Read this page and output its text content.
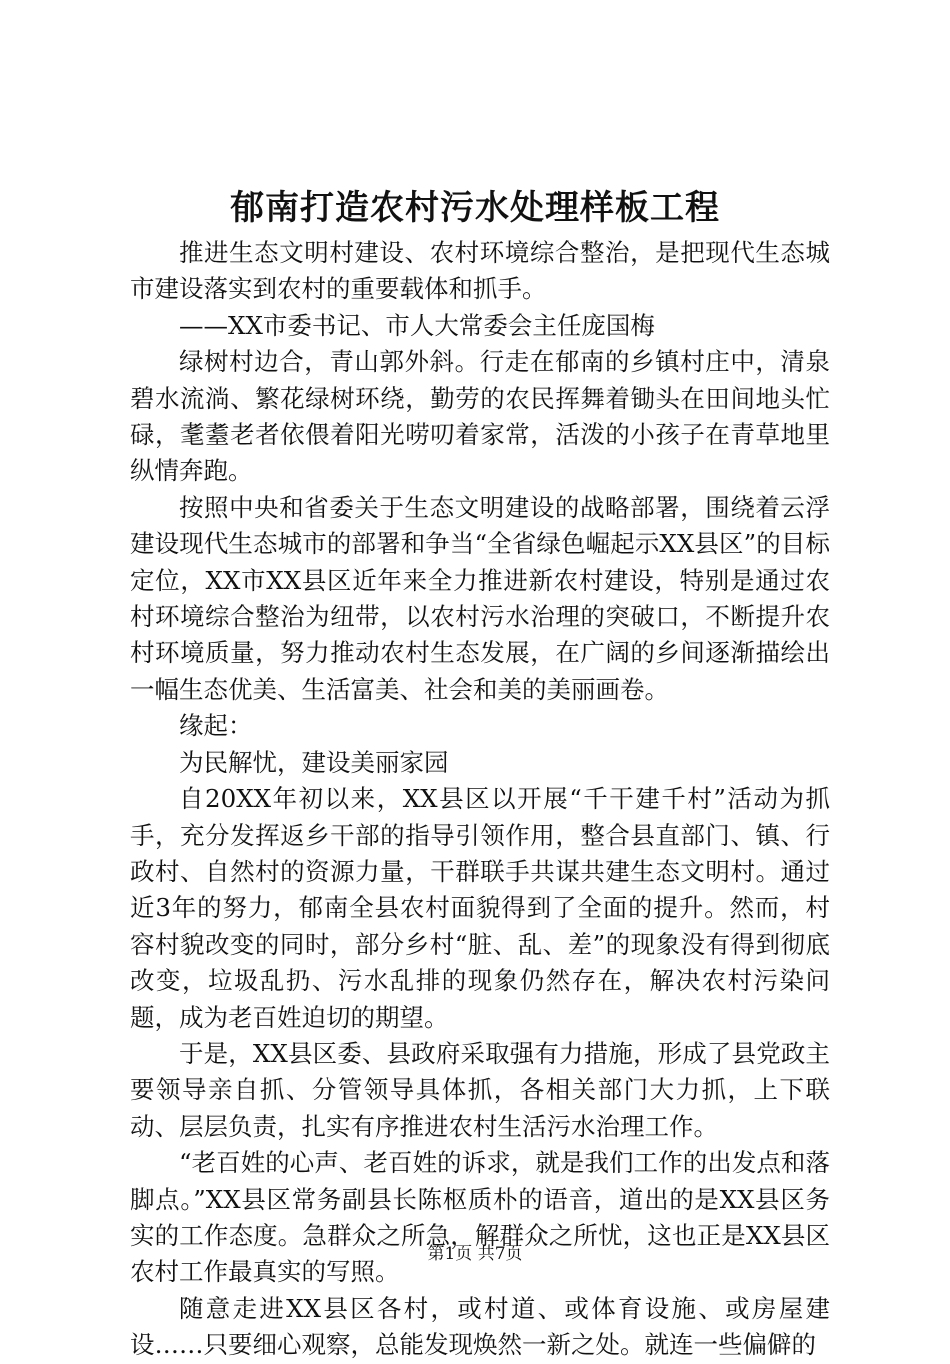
郁南打造农村污水处理样板工程

推进生态文明村建设、农村环境综合整治，是把现代生态城市建设落实到农村的重要载体和抓手。

——XX市委书记、市人大常委会主任庞国梅

绿树村边合，青山郭外斜。行走在郁南的乡镇村庄中，清泉碧水流淌、繁花绿树环绕，勤劳的农民挥舞着锄头在田间地头忙碌，耄耋老者依偎着阳光唠叨着家常，活泼的小孩子在青草地里纵情奔跑。

按照中央和省委关于生态文明建设的战略部署，围绕着云浮建设现代生态城市的部署和争当“全省绿色崛起示XX县区”的目标定位，XX市XX县区近年来全力推进新农村建设，特别是通过农村环境综合整治为纽带，以农村污水治理的突破口，不断提升农村环境质量，努力推动农村生态发展，在广阔的乡间逐渐描绘出一幅生态优美、生活富美、社会和美的美丽画卷。

缘起：

为民解忧，建设美丽家园

自20XX年初以来，XX县区以开展“千干建千村”活动为抓手，充分发挥返乡干部的指导引领作用，整合县直部门、镇、行政村、自然村的资源力量，干群联手共谋共建生态文明村。通过近3年的努力，郁南全县农村面貌得到了全面的提升。然而，村容村貌改变的同时，部分乡村“脏、乱、差”的现象没有得到彻底改变，垃圾乱扔、污水乱排的现象仍然存在，解决农村污染问题，成为老百姓迫切的期望。

于是，XX县区委、县政府采取强有力措施，形成了县党政主要领导亲自抓、分管领导具体抓，各相关部门大力抓，上下联动、层层负责，扎实有序推进农村生活污水治理工作。

“老百姓的心声、老百姓的诉求，就是我们工作的出发点和落脚点。”XX县区常务副县长陈枢质朴的语音，道出的是XX县区务实的工作态度。急群众之所急，解群众之所忧，这也正是XX县区农村工作最真实的写照。

随意走进XX县区各村，或村道、或体育设施、或房屋建设……只要细心观察，总能发现焕然一新之处。就连一些偏僻的

第1页 共7页
